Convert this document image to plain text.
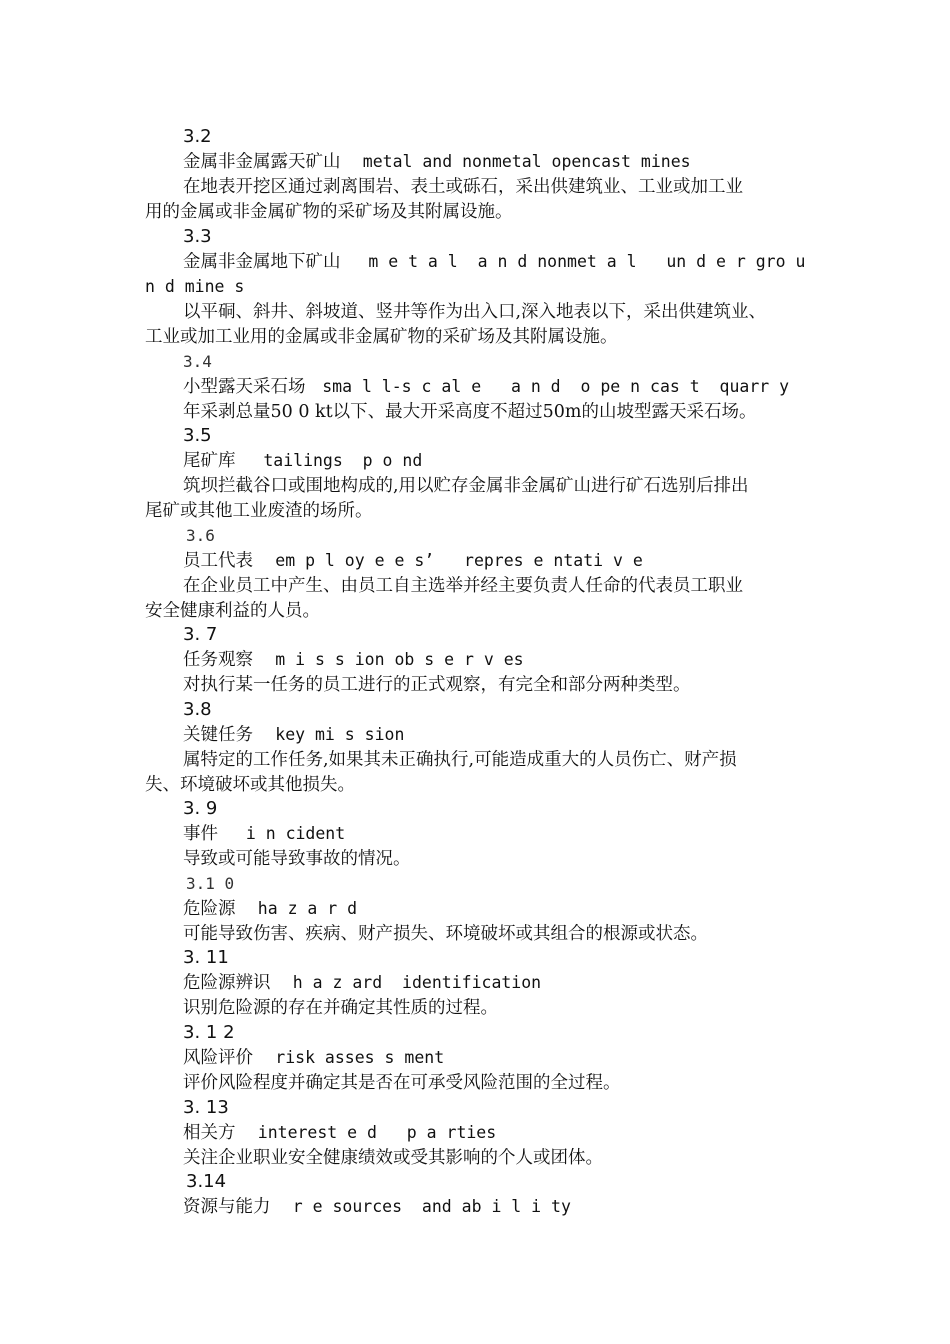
3.2
金属非金属露天矿山 metal and nonmetal opencast mines
在地表开挖区通过剥离围岩、表土或砾石，采出供建筑业、工业或加工业
用的金属或非金属矿物的采矿场及其附属设施。
3.3
金属非金属地下矿山 m e t a l  a n d nonmet a l   un d e r gro u
n d mine s
以平硐、斜井、斜坡道、竖井等作为出入口,深入地表以下，采出供建筑业、
工业或加工业用的金属或非金属矿物的采矿场及其附属设施。
3.4
小型露天采石场 sma l l-s c al e   a n d  o pe n cas t  quarr y
年采剥总量50 0 kt以下、最大开采高度不超过50m的山坡型露天采石场。
3.5
尾矿库 tailings  p o nd
筑坝拦截谷口或围地构成的,用以贮存金属非金属矿山进行矿石选别后排出
尾矿或其他工业废渣的场所。
3.6
员工代表 em p l oy e e s’   repres e ntati v e
在企业员工中产生、由员工自主选举并经主要负责人任命的代表员工职业
安全健康利益的人员。
3. 7
任务观察 m i s s ion ob s e r v es
对执行某一任务的员工进行的正式观察，有完全和部分两种类型。
3.8
关键任务 key mi s sion
属特定的工作任务,如果其未正确执行,可能造成重大的人员伤亡、财产损
失、环境破坏或其他损失。
3. 9
事件 i n cident
导致或可能导致事故的情况。
3.1 0
危险源 ha z a r d
可能导致伤害、疾病、财产损失、环境破坏或其组合的根源或状态。
3. 11
危险源辨识 h a z ard  identification
识别危险源的存在并确定其性质的过程。
3. 1 2
风险评价 risk asses s ment
评价风险程度并确定其是否在可承受风险范围的全过程。
3. 13
相关方 interest e d   p a rties
关注企业职业安全健康绩效或受其影响的个人或团体。
3.14
资源与能力 r e sources  and ab i l i ty
